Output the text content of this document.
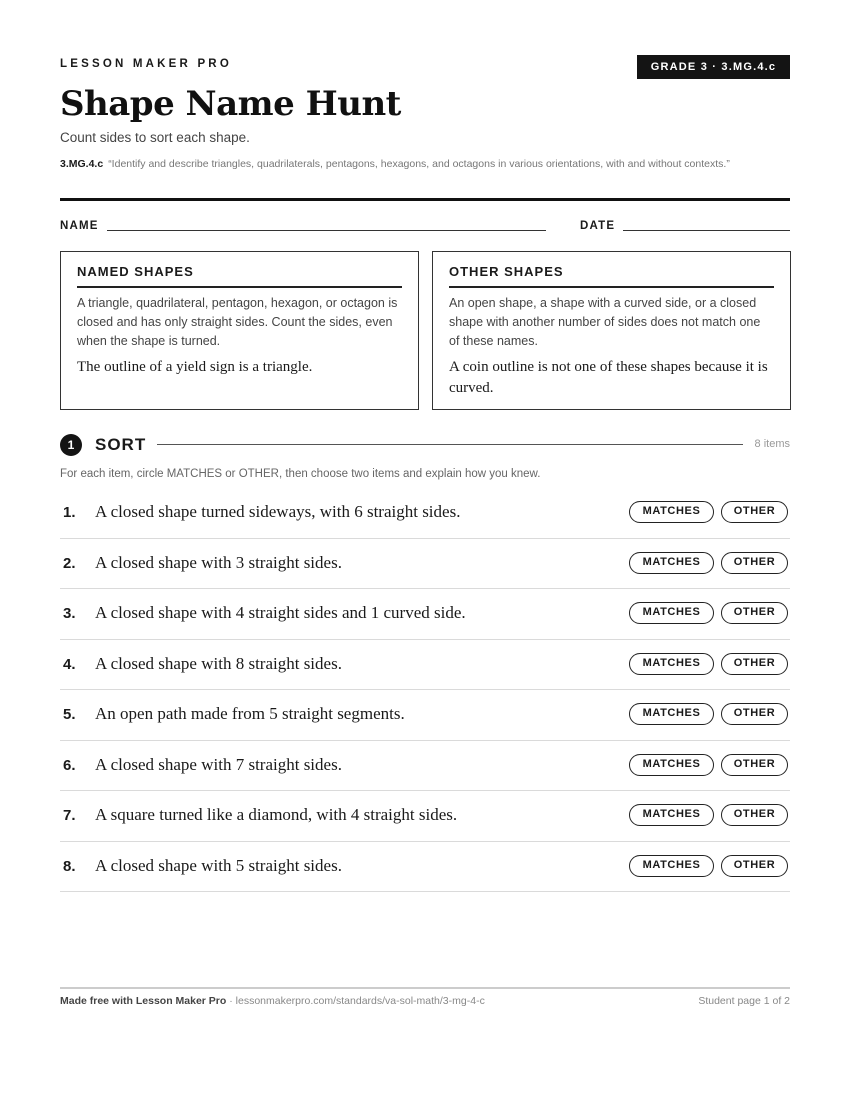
LESSON MAKER PRO	GRADE 3 · 3.MG.4.c
Shape Name Hunt
Count sides to sort each shape.
3.MG.4.c “Identify and describe triangles, quadrilaterals, pentagons, hexagons, and octagons in various orientations, with and without contexts.”
NAME	DATE
NAMED SHAPES
A triangle, quadrilateral, pentagon, hexagon, or octagon is closed and has only straight sides. Count the sides, even when the shape is turned.
The outline of a yield sign is a triangle.
OTHER SHAPES
An open shape, a shape with a curved side, or a closed shape with another number of sides does not match one of these names.
A coin outline is not one of these shapes because it is curved.
1	SORT	8 items
For each item, circle MATCHES or OTHER, then choose two items and explain how you knew.
1. A closed shape turned sideways, with 6 straight sides.	MATCHES	OTHER
2. A closed shape with 3 straight sides.	MATCHES	OTHER
3. A closed shape with 4 straight sides and 1 curved side.	MATCHES	OTHER
4. A closed shape with 8 straight sides.	MATCHES	OTHER
5. An open path made from 5 straight segments.	MATCHES	OTHER
6. A closed shape with 7 straight sides.	MATCHES	OTHER
7. A square turned like a diamond, with 4 straight sides.	MATCHES	OTHER
8. A closed shape with 5 straight sides.	MATCHES	OTHER
Made free with Lesson Maker Pro · lessonmakerpro.com/standards/va-sol-math/3-mg-4-c	Student page 1 of 2
